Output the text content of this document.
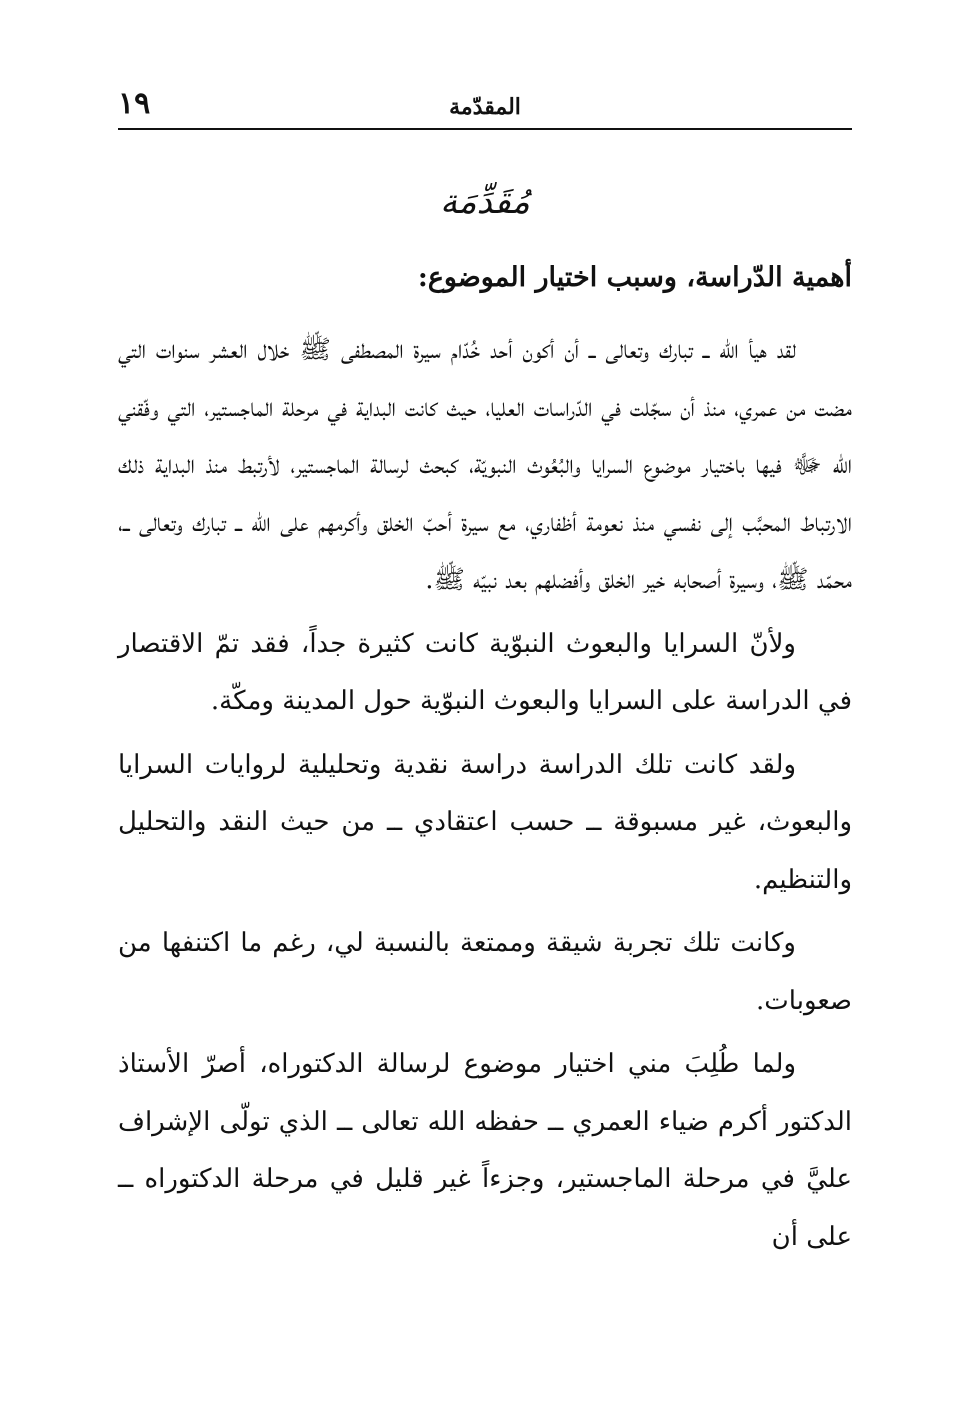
١٩	المقدّمة
مُقَدِّمَة
أهمية الدّراسة، وسبب اختيار الموضوع:

لقد هيأ الله ــ تبارك وتعالى ــ أن أكون أحد خُدّام سيرة المصطفى ﷺ خلال العشر سنوات التي مضت من عمري، منذ أن سجّلت في الدّراسات العليا، حيث كانت البداية في مرحلة الماجستير، التي وفّقني الله ﷻ فيها باختيار موضوع السرايا والبُعُوث النبويّة، كبحث لرسالة الماجستير، لأرتبط منذ البداية ذلك الارتباط المحبَّب إلى نفسي منذ نعومة أظفاري، مع سيرة أحبّ الخلق وأكرمهم على الله ــ تبارك وتعالى ــ، محمّد ﷺ، وسيرة أصحابه خير الخلق وأفضلهم بعد نبيّه ﷺ.

ولأنّ السرايا والبعوث النبوّية كانت كثيرة جداً، فقد تمّ الاقتصار في الدراسة على السرايا والبعوث النبوّية حول المدينة ومكّة.

ولقد كانت تلك الدراسة دراسة نقدية وتحليلية لروايات السرايا والبعوث، غير مسبوقة ــ حسب اعتقادي ــ من حيث النقد والتحليل والتنظيم.

وكانت تلك تجربة شيقة وممتعة بالنسبة لي، رغم ما اكتنفها من صعوبات.

ولما طُلِبَ مني اختيار موضوع لرسالة الدكتوراه، أصرّ الأستاذ الدكتور أكرم ضياء العمري ــ حفظه الله تعالى ــ الذي تولّى الإشراف عليَّ في مرحلة الماجستير، وجزءاً غير قليل في مرحلة الدكتوراه ــ على أن
